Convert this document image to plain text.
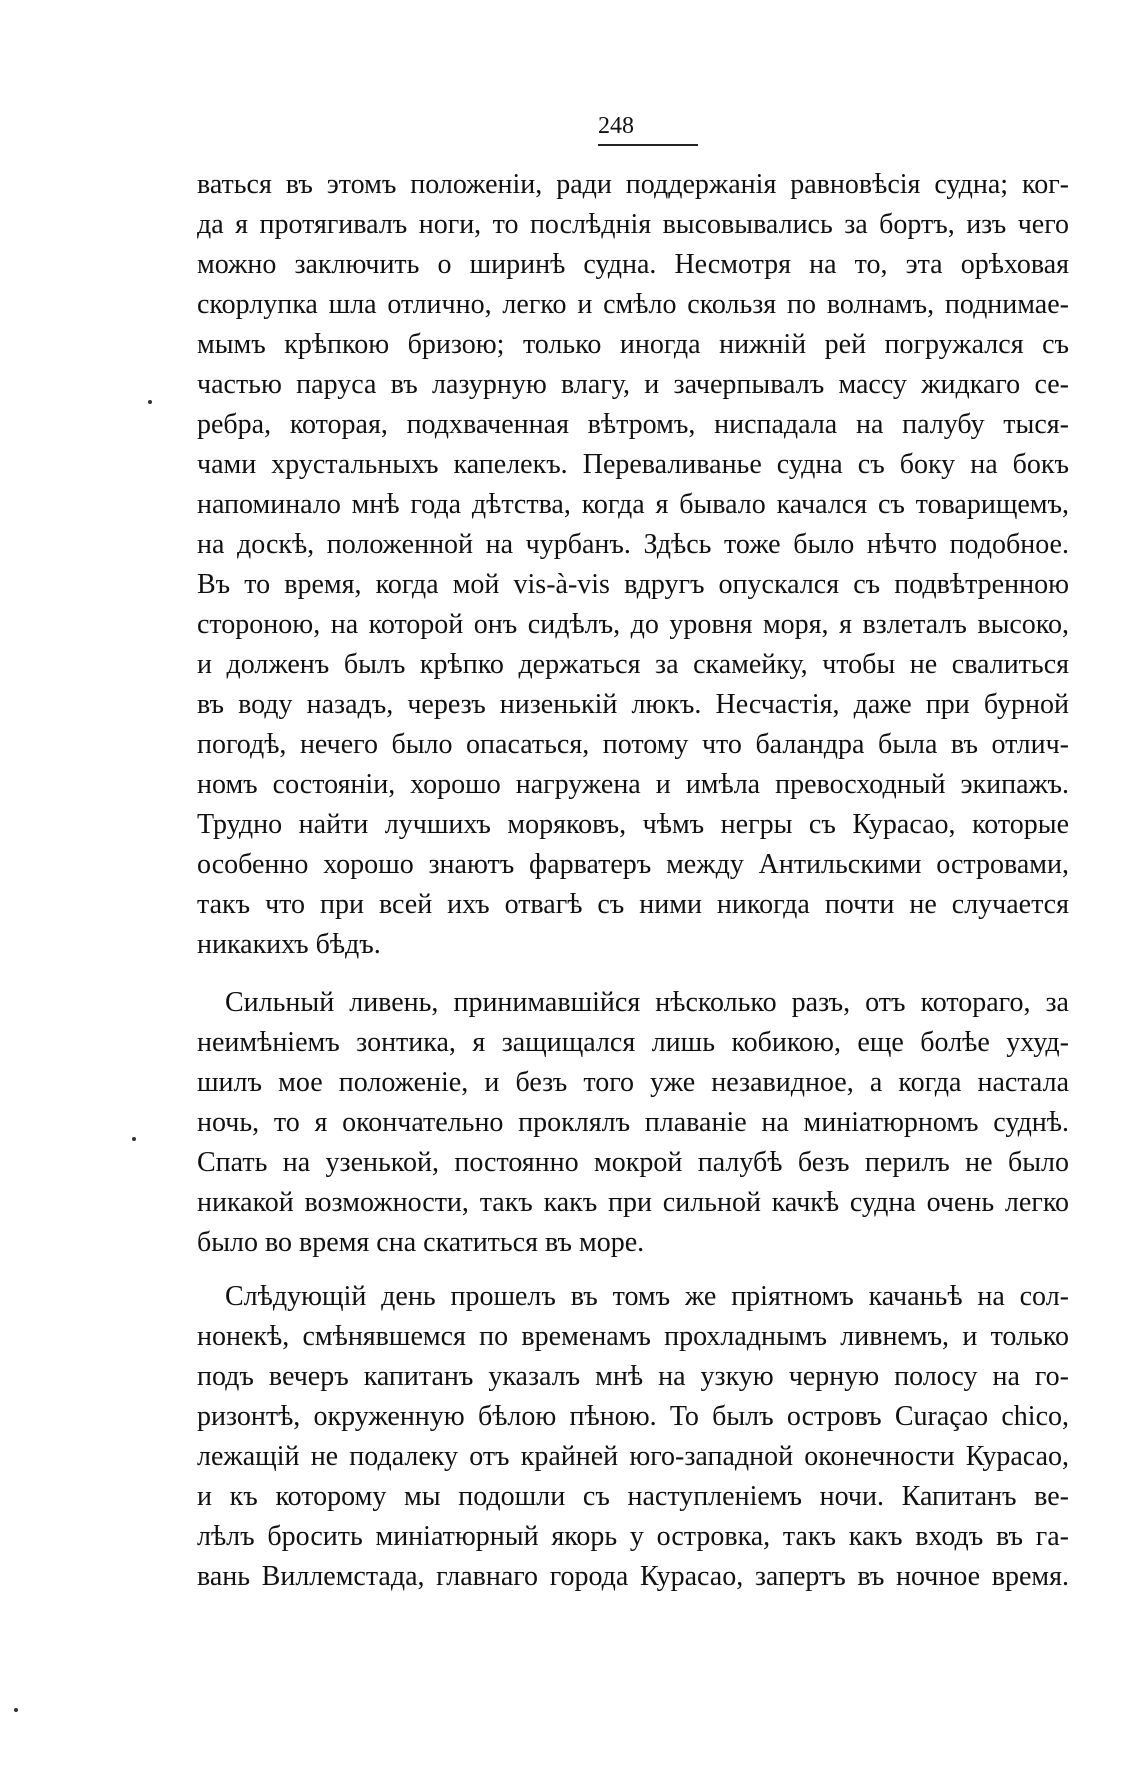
248
ваться въ этомъ положеніи, ради поддержанія равновѣсія судна; ког-
да я протягивалъ ноги, то послѣднія высовывались за бортъ, изъ чего
можно заключить о ширинѣ судна. Несмотря на то, эта орѣховая
скорлупка шла отлично, легко и смѣло скользя по волнамъ, поднимае-
мымъ крѣпкою бризою; только иногда нижній рей погружался съ
частью паруса въ лазурную влагу, и зачерпывалъ массу жидкаго се-
ребра, которая, подхваченная вѣтромъ, ниспадала на палубу тыся-
чами хрустальныхъ капелекъ. Переваливанье судна съ боку на бокъ
напоминало мнѣ года дѣтства, когда я бывало качался съ товарищемъ,
на доскѣ, положенной на чурбанъ. Здѣсь тоже было нѣчто подобное.
Въ то время, когда мой vis-à-vis вдругъ опускался съ подвѣтренною
стороною, на которой онъ сидѣлъ, до уровня моря, я взлеталъ высоко,
и долженъ былъ крѣпко держаться за скамейку, чтобы не свалиться
въ воду назадъ, черезъ низенькій люкъ. Несчастія, даже при бурной
погодѣ, нечего было опасаться, потому что баландра была въ отлич-
номъ состояніи, хорошо нагружена и имѣла превосходный экипажъ.
Трудно найти лучшихъ моряковъ, чѣмъ негры съ Курасао, которые
особенно хорошо знаютъ фарватеръ между Антильскими островами,
такъ что при всей ихъ отвагѣ съ ними никогда почти не случается
никакихъ бѣдъ.
Сильный ливень, принимавшійся нѣсколько разъ, отъ котораго, за
неимѣніемъ зонтика, я защищался лишь кобикою, еще болѣе ухуд-
шилъ мое положеніе, и безъ того уже незавидное, а когда настала
ночь, то я окончательно проклялъ плаваніе на миніатюрномъ суднѣ.
Спать на узенькой, постоянно мокрой палубѣ безъ перилъ не было
никакой возможности, такъ какъ при сильной качкѣ судна очень легко
было во время сна скатиться въ море.
Слѣдующій день прошелъ въ томъ же пріятномъ качаньѣ на сол-
нонекѣ, смѣнявшемся по временамъ прохладнымъ ливнемъ, и только
подъ вечеръ капитанъ указалъ мнѣ на узкую черную полосу на го-
ризонтѣ, окруженную бѣлою пѣною. То былъ островъ Curaçao chico,
лежащій не подалеку отъ крайней юго-западной оконечности Курасао,
и къ которому мы подошли съ наступленіемъ ночи. Капитанъ ве-
лѣлъ бросить миніатюрный якорь у островка, такъ какъ входъ въ га-
вань Виллемстада, главнаго города Курасао, запертъ въ ночное время.
